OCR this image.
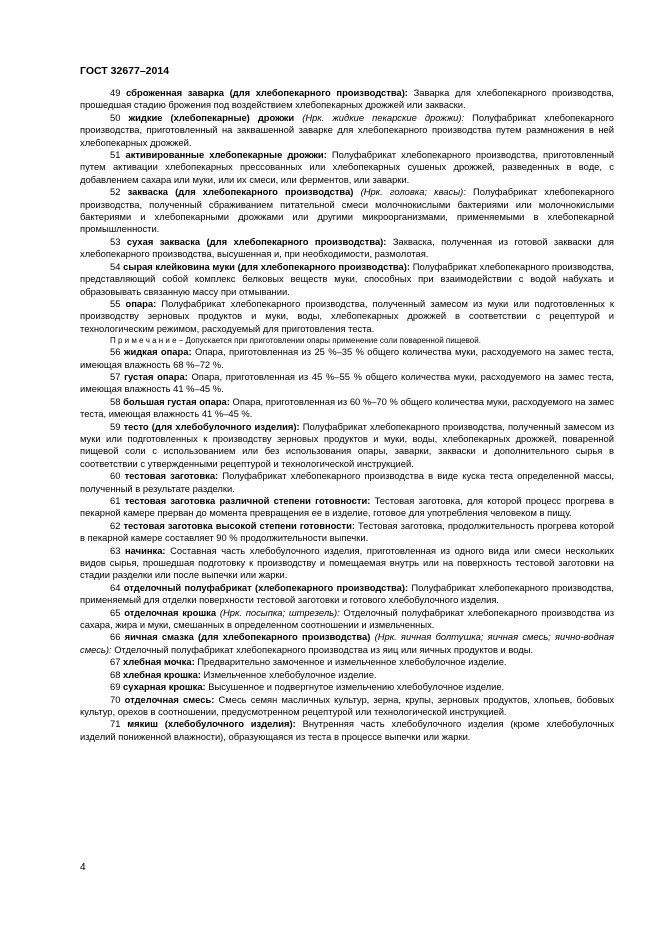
ГОСТ 32677–2014

49 сброженная заварка (для хлебопекарного производства): Заварка для хлебопекарного производства, прошедшая стадию брожения под воздействием хлебопекарных дрожжей или закваски.

50 жидкие (хлебопекарные) дрожжи (Нрк. жидкие пекарские дрожжи): Полуфабрикат хлебопекарного производства, приготовленный на заквашенной заварке для хлебопекарного производства путем размножения в ней хлебопекарных дрожжей.

51 активированные хлебопекарные дрожжи: Полуфабрикат хлебопекарного производства, приготовленный путем активации хлебопекарных прессованных или хлебопекарных сушеных дрожжей, разведенных в воде, с добавлением сахара или муки, или их смеси, или ферментов, или заварки.

52 закваска (для хлебопекарного производства) (Нрк. головка; квасы): Полуфабрикат хлебопекарного производства, полученный сбраживанием питательной смеси молочнокислыми бактериями или молочнокислыми бактериями и хлебопекарными дрожжами или другими микроорганизмами, применяемыми в хлебопекарной промышленности.

53 сухая закваска (для хлебопекарного производства): Закваска, полученная из готовой закваски для хлебопекарного производства, высушенная и, при необходимости, размолотая.

54 сырая клейковина муки (для хлебопекарного производства): Полуфабрикат хлебопекарного производства, представляющий собой комплекс белковых веществ муки, способных при взаимодействии с водой набухать и образовывать связанную массу при отмывании.

55 опара: Полуфабрикат хлебопекарного производства, полученный замесом из муки или подготовленных к производству зерновых продуктов и муки, воды, хлебопекарных дрожжей в соответствии с рецептурой и технологическим режимом, расходуемый для приготовления теста.

П р и м е ч а н и е – Допускается при приготовлении опары применение соли поваренной пищевой.

56 жидкая опара: Опара, приготовленная из 25 %–35 % общего количества муки, расходуемого на замес теста, имеющая влажность 68 %–72 %.

57 густая опара: Опара, приготовленная из 45 %–55 % общего количества муки, расходуемого на замес теста, имеющая влажность 41 %–45 %.

58 большая густая опара: Опара, приготовленная из 60 %–70 % общего количества муки, расходуемого на замес теста, имеющая влажность 41 %–45 %.

59 тесто (для хлебобулочного изделия): Полуфабрикат хлебопекарного производства, полученный замесом из муки или подготовленных к производству зерновых продуктов и муки, воды, хлебопекарных дрожжей, поваренной пищевой соли с использованием или без использования опары, заварки, закваски и дополнительного сырья в соответствии с утвержденными рецептурой и технологической инструкцией.

60 тестовая заготовка: Полуфабрикат хлебопекарного производства в виде куска теста определенной массы, полученный в результате разделки.

61 тестовая заготовка различной степени готовности: Тестовая заготовка, для которой процесс прогрева в пекарной камере прерван до момента превращения ее в изделие, готовое для употребления человеком в пищу.

62 тестовая заготовка высокой степени готовности: Тестовая заготовка, продолжительность прогрева которой в пекарной камере составляет 90 % продолжительности выпечки.

63 начинка: Составная часть хлебобулочного изделия, приготовленная из одного вида или смеси нескольких видов сырья, прошедшая подготовку к производству и помещаемая внутрь или на поверхность тестовой заготовки на стадии разделки или после выпечки или жарки.

64 отделочный полуфабрикат (хлебопекарного производства): Полуфабрикат хлебопекарного производства, применяемый для отделки поверхности тестовой заготовки и готового хлебобулочного изделия.

65 отделочная крошка (Нрк. посыпка; штрезель): Отделочный полуфабрикат хлебопекарного производства из сахара, жира и муки, смешанных в определенном соотношении и измельченных.

66 яичная смазка (для хлебопекарного производства) (Нрк. яичная болтушка; яичная смесь; яично-водная смесь): Отделочный полуфабрикат хлебопекарного производства из яиц или яичных продуктов и воды.

67 хлебная мочка: Предварительно замоченное и измельченное хлебобулочное изделие.

68 хлебная крошка: Измельченное хлебобулочное изделие.

69 сухарная крошка: Высушенное и подвергнутое измельчению хлебобулочное изделие.

70 отделочная смесь: Смесь семян масличных культур, зерна, крупы, зерновых продуктов, хлопьев, бобовых культур, орехов в соотношении, предусмотренном рецептурой или технологической инструкцией.

71 мякиш (хлебобулочного изделия): Внутренняя часть хлебобулочного изделия (кроме хлебобулочных изделий пониженной влажности), образующаяся из теста в процессе выпечки или жарки.

4
